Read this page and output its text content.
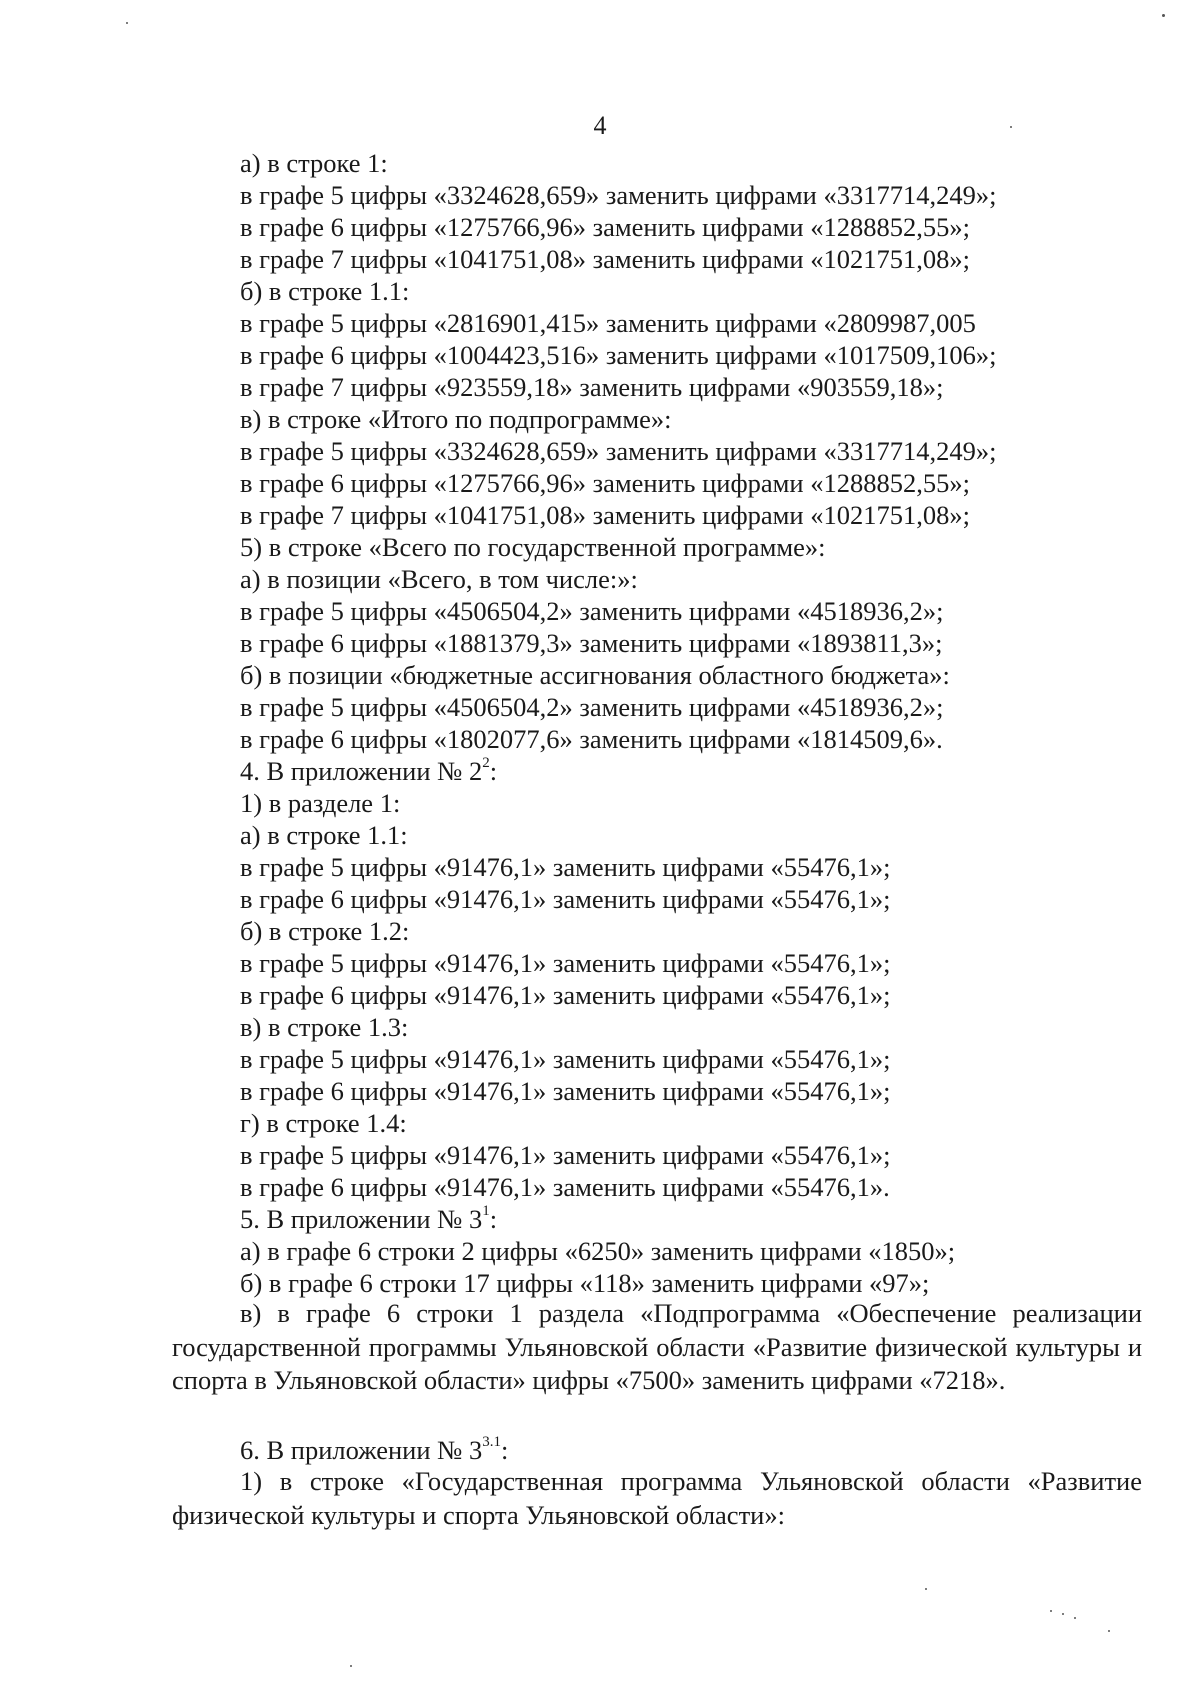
4
а) в строке 1:
в графе 5 цифры «3324628,659» заменить цифрами «3317714,249»;
в графе 6 цифры «1275766,96» заменить цифрами «1288852,55»;
в графе 7 цифры «1041751,08» заменить цифрами «1021751,08»;
б) в строке 1.1:
в графе 5 цифры «2816901,415» заменить цифрами «2809987,005
в графе 6 цифры «1004423,516» заменить цифрами «1017509,106»;
в графе 7 цифры «923559,18» заменить цифрами «903559,18»;
в) в строке «Итого по подпрограмме»:
в графе 5 цифры «3324628,659» заменить цифрами «3317714,249»;
в графе 6 цифры «1275766,96» заменить цифрами «1288852,55»;
в графе 7 цифры «1041751,08» заменить цифрами «1021751,08»;
5) в строке «Всего по государственной программе»:
а) в позиции «Всего, в том числе:»:
в графе 5 цифры «4506504,2» заменить цифрами «4518936,2»;
в графе 6 цифры «1881379,3» заменить цифрами «1893811,3»;
б) в позиции «бюджетные ассигнования областного бюджета»:
в графе 5 цифры «4506504,2» заменить цифрами «4518936,2»;
в графе 6 цифры «1802077,6» заменить цифрами «1814509,6».
4. В приложении № $2^2$:
1) в разделе 1:
а) в строке 1.1:
в графе 5 цифры «91476,1» заменить цифрами «55476,1»;
в графе 6 цифры «91476,1» заменить цифрами «55476,1»;
б) в строке 1.2:
в графе 5 цифры «91476,1» заменить цифрами «55476,1»;
в графе 6 цифры «91476,1» заменить цифрами «55476,1»;
в) в строке 1.3:
в графе 5 цифры «91476,1» заменить цифрами «55476,1»;
в графе 6 цифры «91476,1» заменить цифрами «55476,1»;
г) в строке 1.4:
в графе 5 цифры «91476,1» заменить цифрами «55476,1»;
в графе 6 цифры «91476,1» заменить цифрами «55476,1».
5. В приложении № $3^1$:
а) в графе 6 строки 2 цифры «6250» заменить цифрами «1850»;
б) в графе 6 строки 17 цифры «118» заменить цифрами «97»;
в) в графе 6 строки 1 раздела «Подпрограмма «Обеспечение реализации государственной программы Ульяновской области «Развитие физической культуры и спорта в Ульяновской области» цифры «7500» заменить цифрами «7218».
6. В приложении № $3^{3.1}$:
1) в строке «Государственная программа Ульяновской области «Развитие физической культуры и спорта Ульяновской области»:
